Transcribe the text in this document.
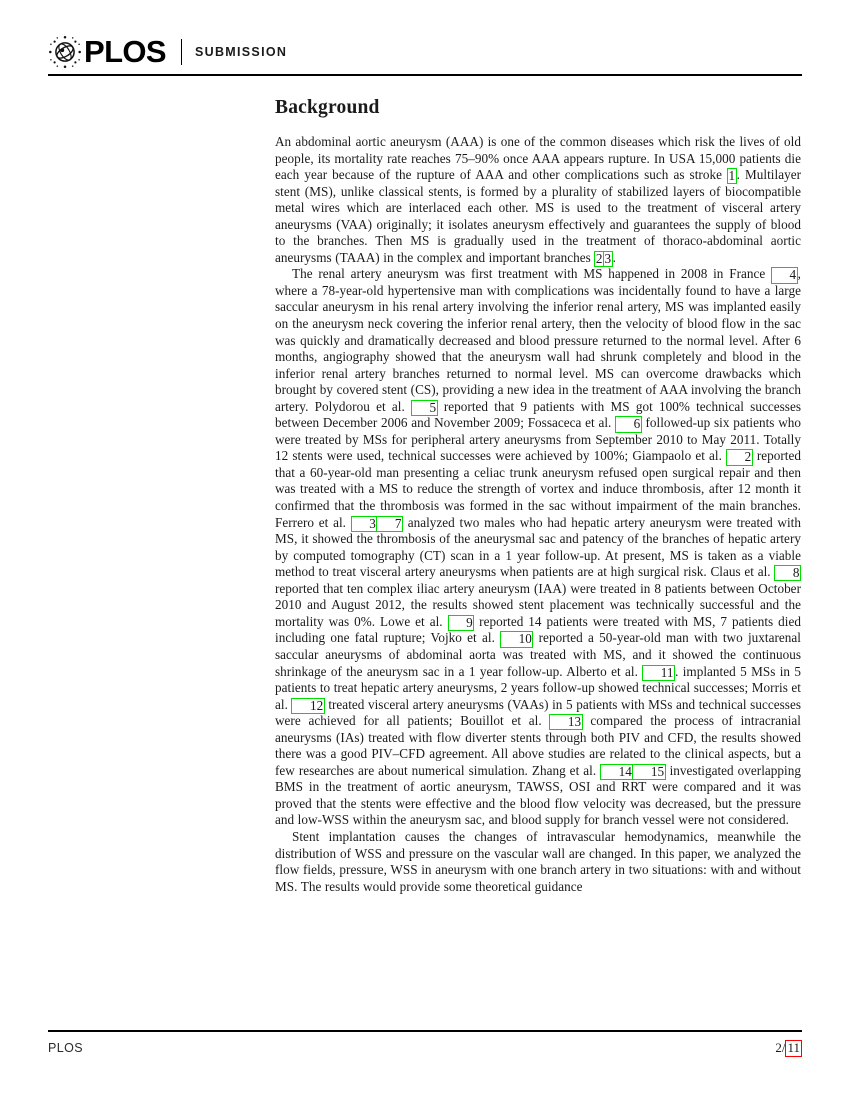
PLOS SUBMISSION
Background

An abdominal aortic aneurysm (AAA) is one of the common diseases which risk the lives of old people, its mortality rate reaches 75–90% once AAA appears rupture. In USA 15,000 patients die each year because of the rupture of AAA and other complications such as stroke 1 . Multilayer stent (MS), unlike classical stents, is formed by a plurality of stabilized layers of biocompatible metal wires which are interlaced each other. MS is used to the treatment of visceral artery aneurysms (VAA) originally; it isolates aneurysm effectively and guarantees the supply of blood to the branches. Then MS is gradually used in the treatment of thoraco-abdominal aortic aneurysms (TAAA) in the complex and important branches 2 3 .

The renal artery aneurysm was first treatment with MS happened in 2008 in France 4 , where a 78-year-old hypertensive man with complications was incidentally found to have a large saccular aneurysm in his renal artery involving the inferior renal artery, MS was implanted easily on the aneurysm neck covering the inferior renal artery, then the velocity of blood flow in the sac was quickly and dramatically decreased and blood pressure returned to the normal level. After 6 months, angiography showed that the aneurysm wall had shrunk completely and blood in the inferior renal artery branches returned to normal level. MS can overcome drawbacks which brought by covered stent (CS), providing a new idea in the treatment of AAA involving the branch artery. Polydorou et al. 5 reported that 9 patients with MS got 100% technical successes between December 2006 and November 2009; Fossaceca et al. 6 followed-up six patients who were treated by MSs for peripheral artery aneurysms from September 2010 to May 2011. Totally 12 stents were used, technical successes were achieved by 100%; Giampaolo et al. 2 reported that a 60-year-old man presenting a celiac trunk aneurysm refused open surgical repair and then was treated with a MS to reduce the strength of vortex and induce thrombosis, after 12 month it confirmed that the thrombosis was formed in the sac without impairment of the main branches. Ferrero et al. 3 7 analyzed two males who had hepatic artery aneurysm were treated with MS, it showed the thrombosis of the aneurysmal sac and patency of the branches of hepatic artery by computed tomography (CT) scan in a 1 year follow-up. At present, MS is taken as a viable method to treat visceral artery aneurysms when patients are at high surgical risk. Claus et al. 8 reported that ten complex iliac artery aneurysm (IAA) were treated in 8 patients between October 2010 and August 2012, the results showed stent placement was technically successful and the mortality was 0%. Lowe et al. 9 reported 14 patients were treated with MS, 7 patients died including one fatal rupture; Vojko et al. 10 reported a 50-year-old man with two juxtarenal saccular aneurysms of abdominal aorta was treated with MS, and it showed the continuous shrinkage of the aneurysm sac in a 1 year follow-up. Alberto et al. 11 . implanted 5 MSs in 5 patients to treat hepatic artery aneurysms, 2 years follow-up showed technical successes; Morris et al. 12 treated visceral artery aneurysms (VAAs) in 5 patients with MSs and technical successes were achieved for all patients; Bouillot et al. 13 compared the process of intracranial aneurysms (IAs) treated with flow diverter stents through both PIV and CFD, the results showed there was a good PIV–CFD agreement. All above studies are related to the clinical aspects, but a few researches are about numerical simulation. Zhang et al. 14 15 investigated overlapping BMS in the treatment of aortic aneurysm, TAWSS, OSI and RRT were compared and it was proved that the stents were effective and the blood flow velocity was decreased, but the pressure and low-WSS within the aneurysm sac, and blood supply for branch vessel were not considered.

Stent implantation causes the changes of intravascular hemodynamics, meanwhile the distribution of WSS and pressure on the vascular wall are changed. In this paper, we analyzed the flow fields, pressure, WSS in aneurysm with one branch artery in two situations: with and without MS. The results would provide some theoretical guidance

PLOS	2 / 11
